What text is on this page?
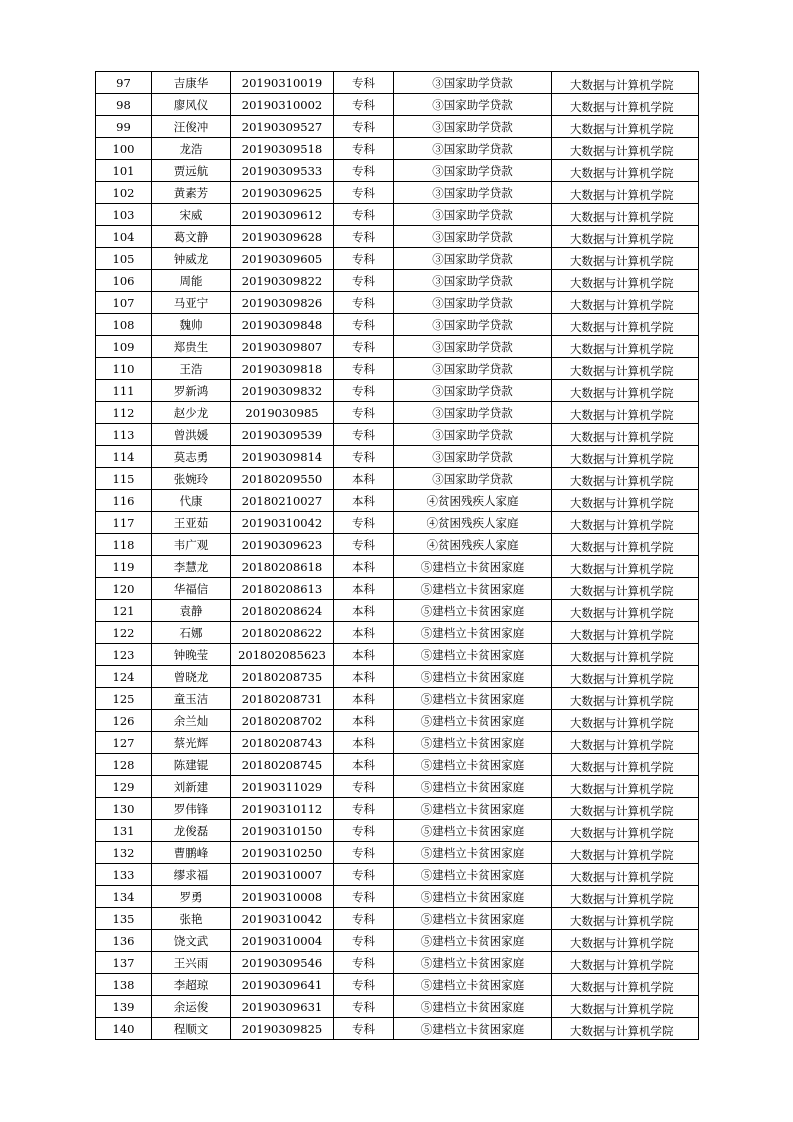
97	吉康华	20190310019	专科	③国家助学贷款	大数据与计算机学院
98	廖风仪	20190310002	专科	③国家助学贷款	大数据与计算机学院
99	汪俊冲	20190309527	专科	③国家助学贷款	大数据与计算机学院
100	龙浩	20190309518	专科	③国家助学贷款	大数据与计算机学院
101	贾远航	20190309533	专科	③国家助学贷款	大数据与计算机学院
102	黄素芳	20190309625	专科	③国家助学贷款	大数据与计算机学院
103	宋威	20190309612	专科	③国家助学贷款	大数据与计算机学院
104	葛文静	20190309628	专科	③国家助学贷款	大数据与计算机学院
105	钟威龙	20190309605	专科	③国家助学贷款	大数据与计算机学院
106	周能	20190309822	专科	③国家助学贷款	大数据与计算机学院
107	马亚宁	20190309826	专科	③国家助学贷款	大数据与计算机学院
108	魏帅	20190309848	专科	③国家助学贷款	大数据与计算机学院
109	郑贵生	20190309807	专科	③国家助学贷款	大数据与计算机学院
110	王浩	20190309818	专科	③国家助学贷款	大数据与计算机学院
111	罗新鸿	20190309832	专科	③国家助学贷款	大数据与计算机学院
112	赵少龙	2019030985	专科	③国家助学贷款	大数据与计算机学院
113	曾洪媛	20190309539	专科	③国家助学贷款	大数据与计算机学院
114	莫志勇	20190309814	专科	③国家助学贷款	大数据与计算机学院
115	张婉玲	20180209550	本科	③国家助学贷款	大数据与计算机学院
116	代康	20180210027	本科	④贫困残疾人家庭	大数据与计算机学院
117	王亚茹	20190310042	专科	④贫困残疾人家庭	大数据与计算机学院
118	韦广观	20190309623	专科	④贫困残疾人家庭	大数据与计算机学院
119	李慧龙	20180208618	本科	⑤建档立卡贫困家庭	大数据与计算机学院
120	华福信	20180208613	本科	⑤建档立卡贫困家庭	大数据与计算机学院
121	袁静	20180208624	本科	⑤建档立卡贫困家庭	大数据与计算机学院
122	石娜	20180208622	本科	⑤建档立卡贫困家庭	大数据与计算机学院
123	钟晚莹	201802085623	本科	⑤建档立卡贫困家庭	大数据与计算机学院
124	曾晓龙	20180208735	本科	⑤建档立卡贫困家庭	大数据与计算机学院
125	童玉洁	20180208731	本科	⑤建档立卡贫困家庭	大数据与计算机学院
126	余兰灿	20180208702	本科	⑤建档立卡贫困家庭	大数据与计算机学院
127	蔡光辉	20180208743	本科	⑤建档立卡贫困家庭	大数据与计算机学院
128	陈建锟	20180208745	本科	⑤建档立卡贫困家庭	大数据与计算机学院
129	刘新建	20190311029	专科	⑤建档立卡贫困家庭	大数据与计算机学院
130	罗伟锋	20190310112	专科	⑤建档立卡贫困家庭	大数据与计算机学院
131	龙俊磊	20190310150	专科	⑤建档立卡贫困家庭	大数据与计算机学院
132	曹鹏峰	20190310250	专科	⑤建档立卡贫困家庭	大数据与计算机学院
133	缪求福	20190310007	专科	⑤建档立卡贫困家庭	大数据与计算机学院
134	罗勇	20190310008	专科	⑤建档立卡贫困家庭	大数据与计算机学院
135	张艳	20190310042	专科	⑤建档立卡贫困家庭	大数据与计算机学院
136	饶文武	20190310004	专科	⑤建档立卡贫困家庭	大数据与计算机学院
137	王兴雨	20190309546	专科	⑤建档立卡贫困家庭	大数据与计算机学院
138	李超琼	20190309641	专科	⑤建档立卡贫困家庭	大数据与计算机学院
139	余运俊	20190309631	专科	⑤建档立卡贫困家庭	大数据与计算机学院
140	程顺文	20190309825	专科	⑤建档立卡贫困家庭	大数据与计算机学院
